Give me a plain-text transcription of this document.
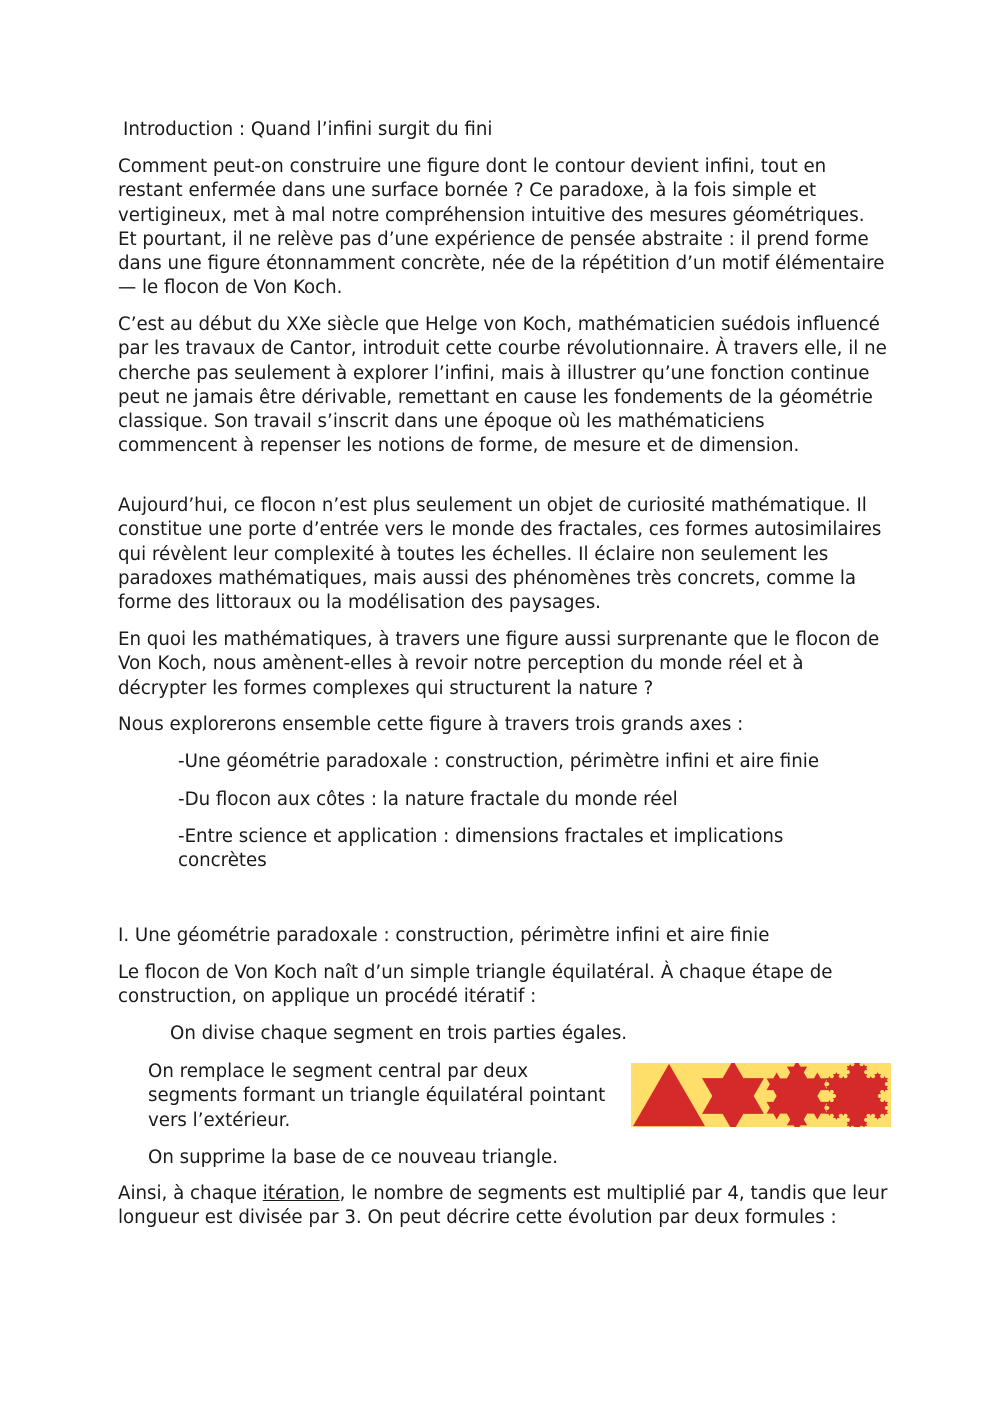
Introduction : Quand l’infini surgit du fini

Comment peut-on construire une figure dont le contour devient infini, tout en restant enfermée dans une surface bornée ? Ce paradoxe, à la fois simple et vertigineux, met à mal notre compréhension intuitive des mesures géométriques. Et pourtant, il ne relève pas d’une expérience de pensée abstraite : il prend forme dans une figure étonnamment concrète, née de la répétition d’un motif élémentaire — le flocon de Von Koch.

C’est au début du XXe siècle que Helge von Koch, mathématicien suédois influencé par les travaux de Cantor, introduit cette courbe révolutionnaire. À travers elle, il ne cherche pas seulement à explorer l’infini, mais à illustrer qu’une fonction continue peut ne jamais être dérivable, remettant en cause les fondements de la géométrie classique. Son travail s’inscrit dans une époque où les mathématiciens commencent à repenser les notions de forme, de mesure et de dimension.

Aujourd’hui, ce flocon n’est plus seulement un objet de curiosité mathématique. Il constitue une porte d’entrée vers le monde des fractales, ces formes autosimilaires qui révèlent leur complexité à toutes les échelles. Il éclaire non seulement les paradoxes mathématiques, mais aussi des phénomènes très concrets, comme la forme des littoraux ou la modélisation des paysages.

En quoi les mathématiques, à travers une figure aussi surprenante que le flocon de Von Koch, nous amènent-elles à revoir notre perception du monde réel et à décrypter les formes complexes qui structurent la nature ?

Nous explorerons ensemble cette figure à travers trois grands axes :

-Une géométrie paradoxale : construction, périmètre infini et aire finie

-Du flocon aux côtes : la nature fractale du monde réel

-Entre science et application : dimensions fractales et implications concrètes

I. Une géométrie paradoxale : construction, périmètre infini et aire finie

Le flocon de Von Koch naît d’un simple triangle équilatéral. À chaque étape de construction, on applique un procédé itératif :

On divise chaque segment en trois parties égales.

On remplace le segment central par deux segments formant un triangle équilatéral pointant vers l’extérieur.

On supprime la base de ce nouveau triangle.

Ainsi, à chaque itération, le nombre de segments est multiplié par 4, tandis que leur longueur est divisée par 3. On peut décrire cette évolution par deux formules :
